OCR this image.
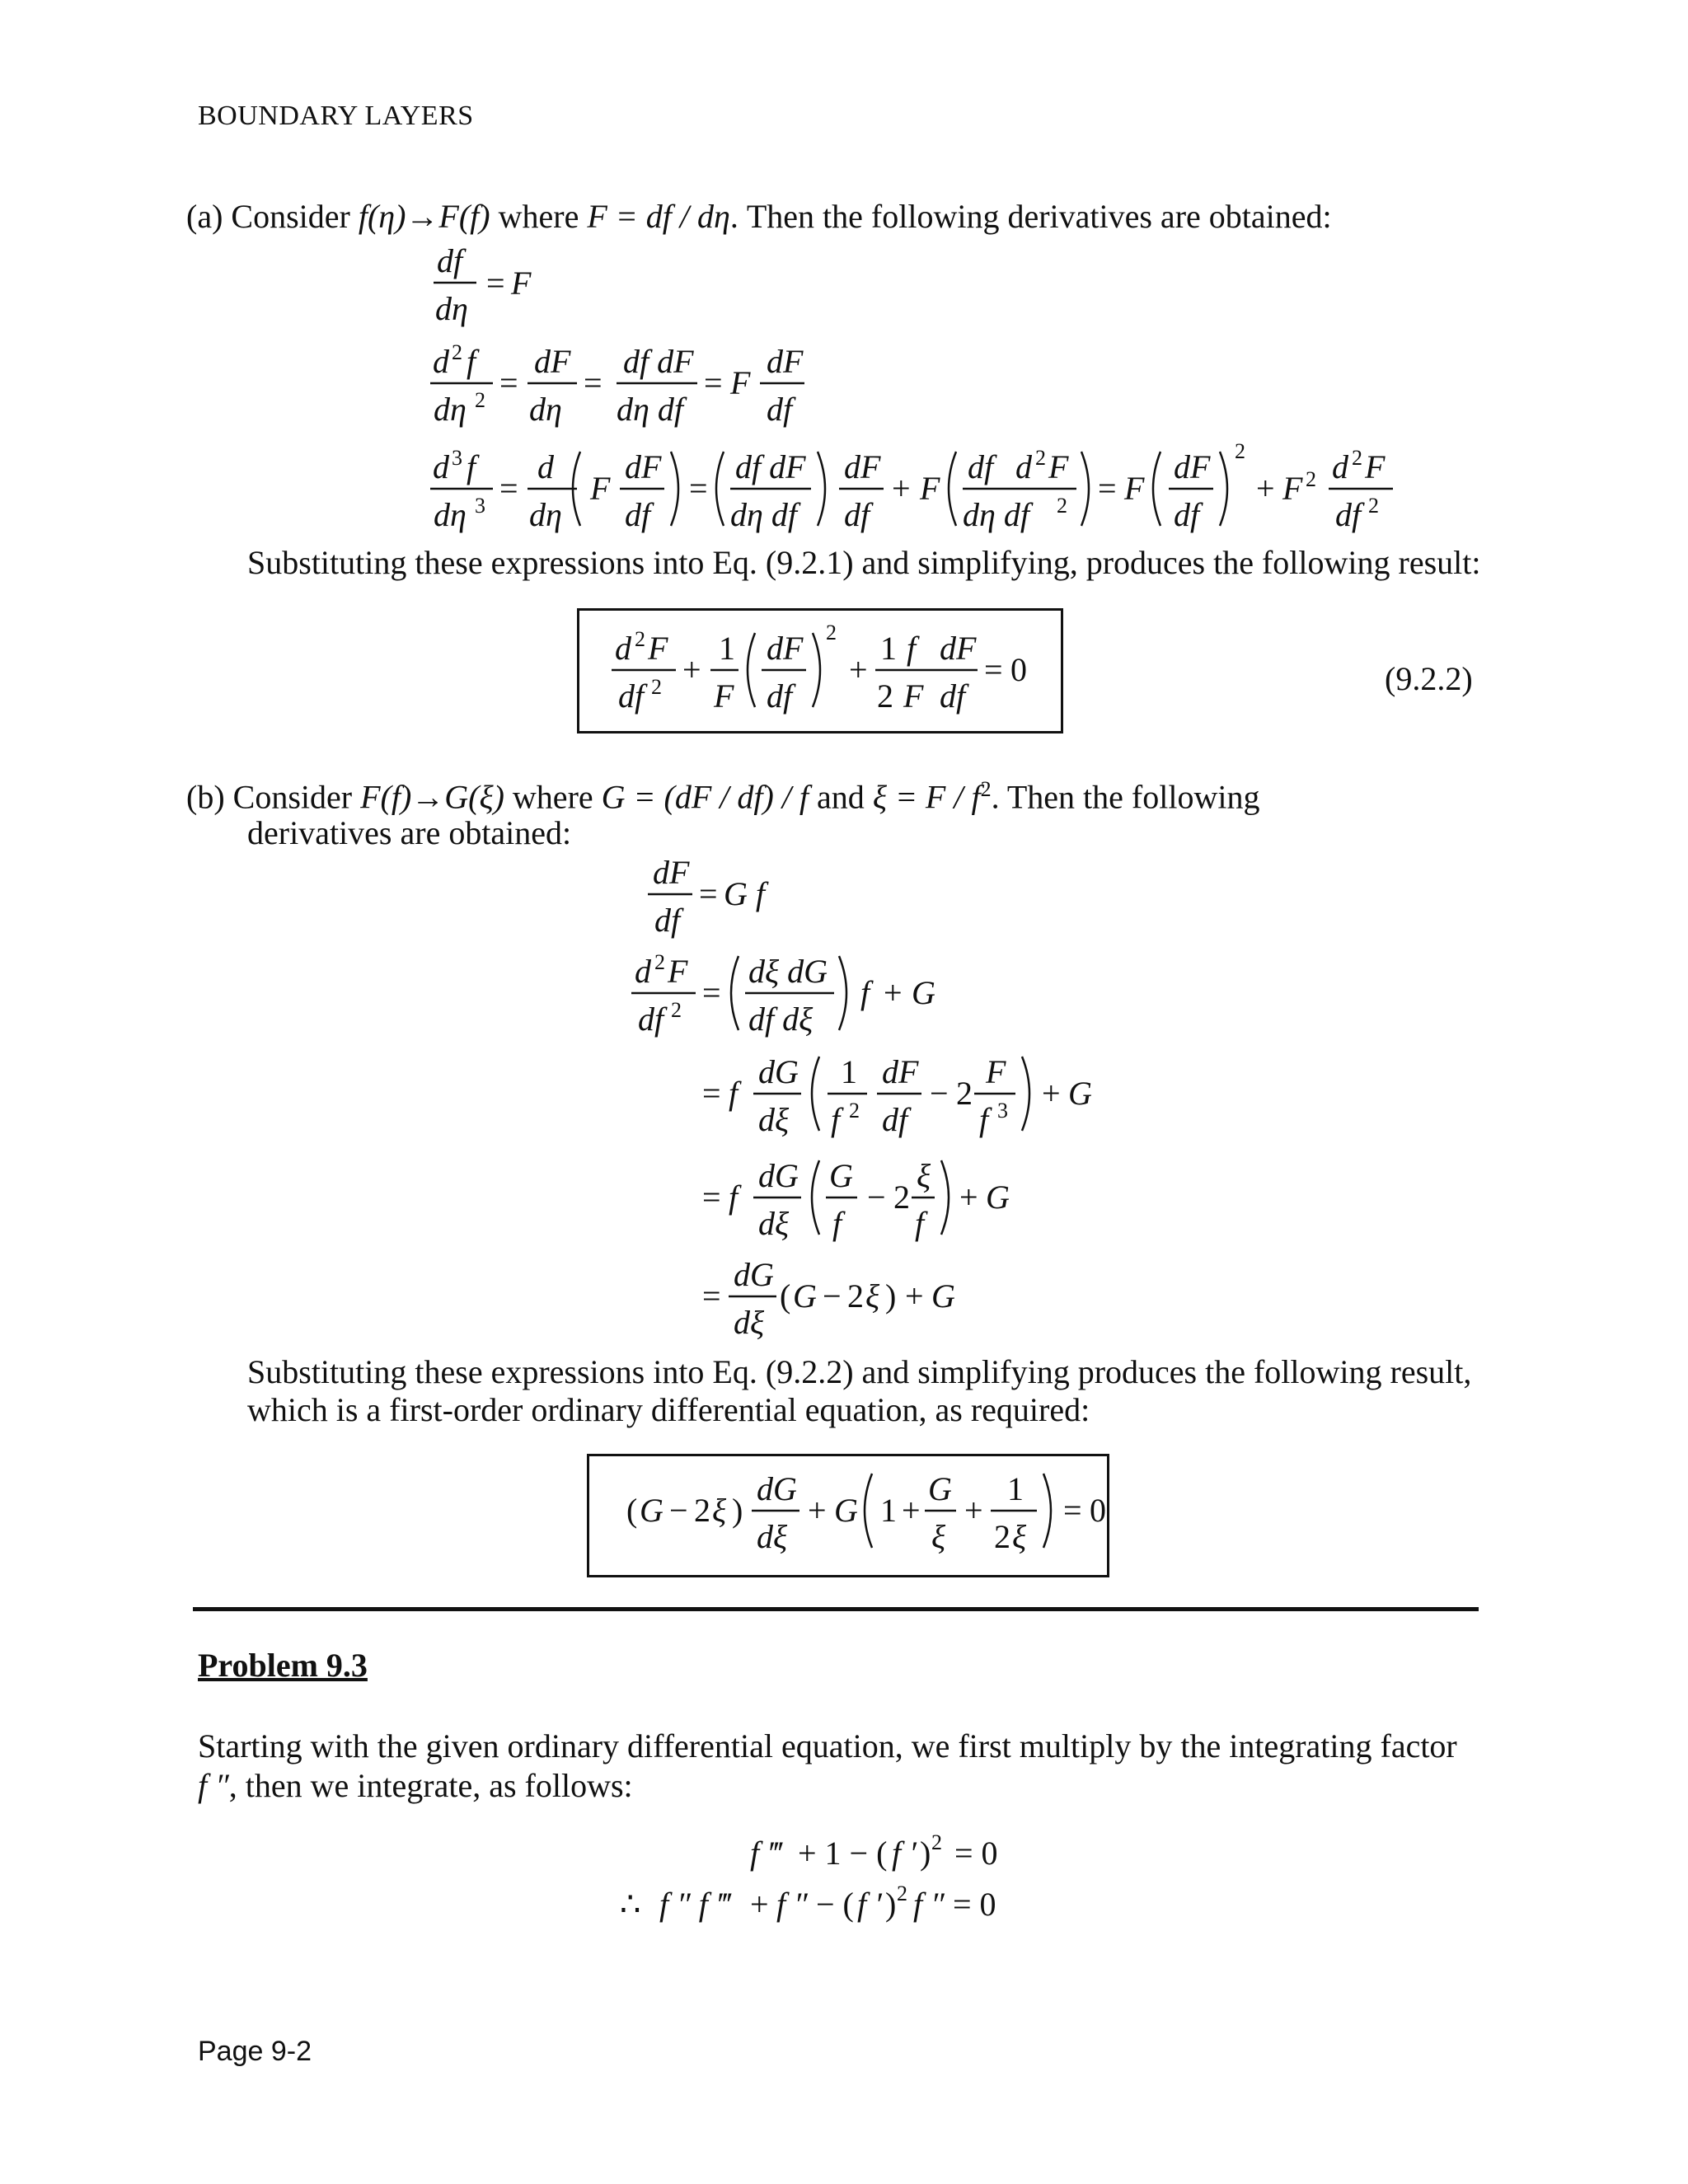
BOUNDARY LAYERS
(a) Consider f(η)→F(f) where F = df / dη. Then the following derivatives are obtained:
df
dη
= F
d 2 f
dη 2 =
dF
dη
=
df dF
dη df
= F
dF
df
d 3 f
dη 3 =
d
dη
F
dF
df
=
df dF
dη df
dF
df
+ F
df d 2 F
dη df 2 = F
dF
df
2
+ F 2 d 2 F
df 2
Substituting these expressions into Eq. (9.2.1) and simplifying, produces the following result:
d 2 F
df 2 +
1
F
dF
df
2
+
1 f dF
2 F df
= 0	(9.2.2)
(b) Consider F(f)→G(ξ) where G = (dF / df) / f and $\xi = F / f^2$. Then the following
derivatives are obtained:
dF
df
= G f
d 2 F
df 2 =
dξ dG
df dξ
f + G
= f
dG
dξ
1
f 2
dF
df
− 2
F
f 3 + G
= f
dG
dξ
G
f
− 2
ξ
f
+ G
=
dG
dξ
( G − 2 ξ ) + G
Substituting these expressions into Eq. (9.2.2) and simplifying produces the following result,
which is a first-order ordinary differential equation, as required:
( G − 2 ξ )
dG
dξ
+ G 1 +
G
ξ
+
1
2 ξ
= 0
Problem 9.3
Starting with the given ordinary differential equation, we first multiply by the integrating factor
f ″, then we integrate, as follows:
f ‴ + 1 − ( f ′ ) 2 = 0
∴ f ″ f ‴ + f ″ − ( f ′ ) 2 f ″ = 0
Page 9-2
